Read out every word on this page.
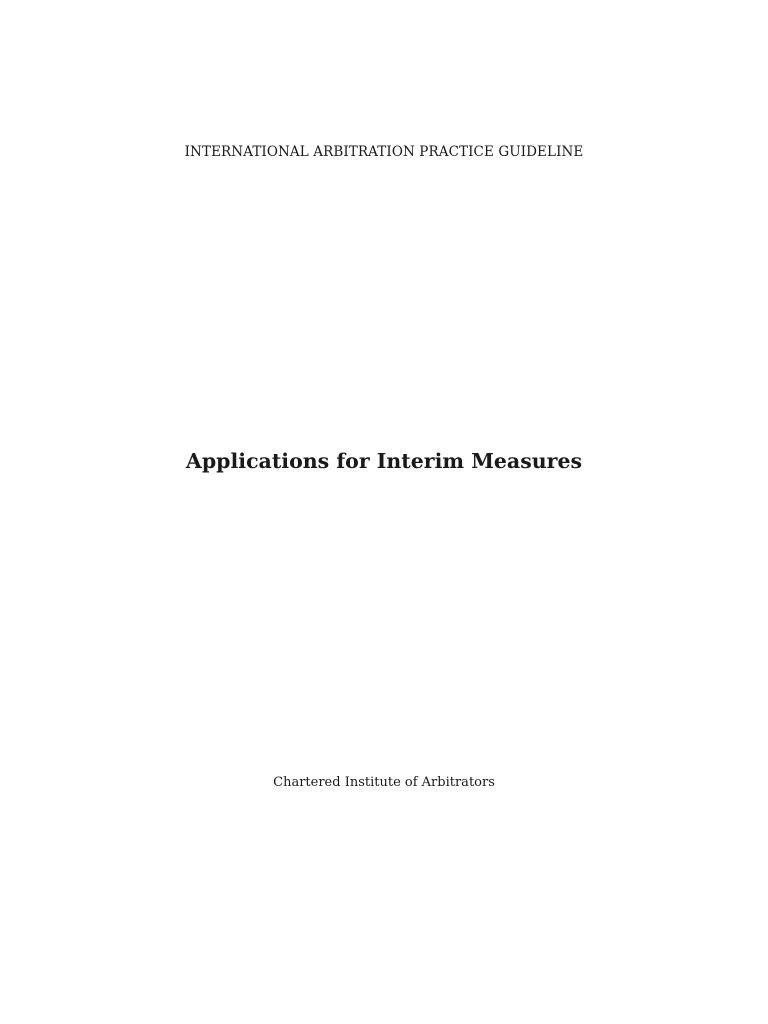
INTERNATIONAL ARBITRATION PRACTICE GUIDELINE
Applications for Interim Measures
Chartered Institute of Arbitrators
